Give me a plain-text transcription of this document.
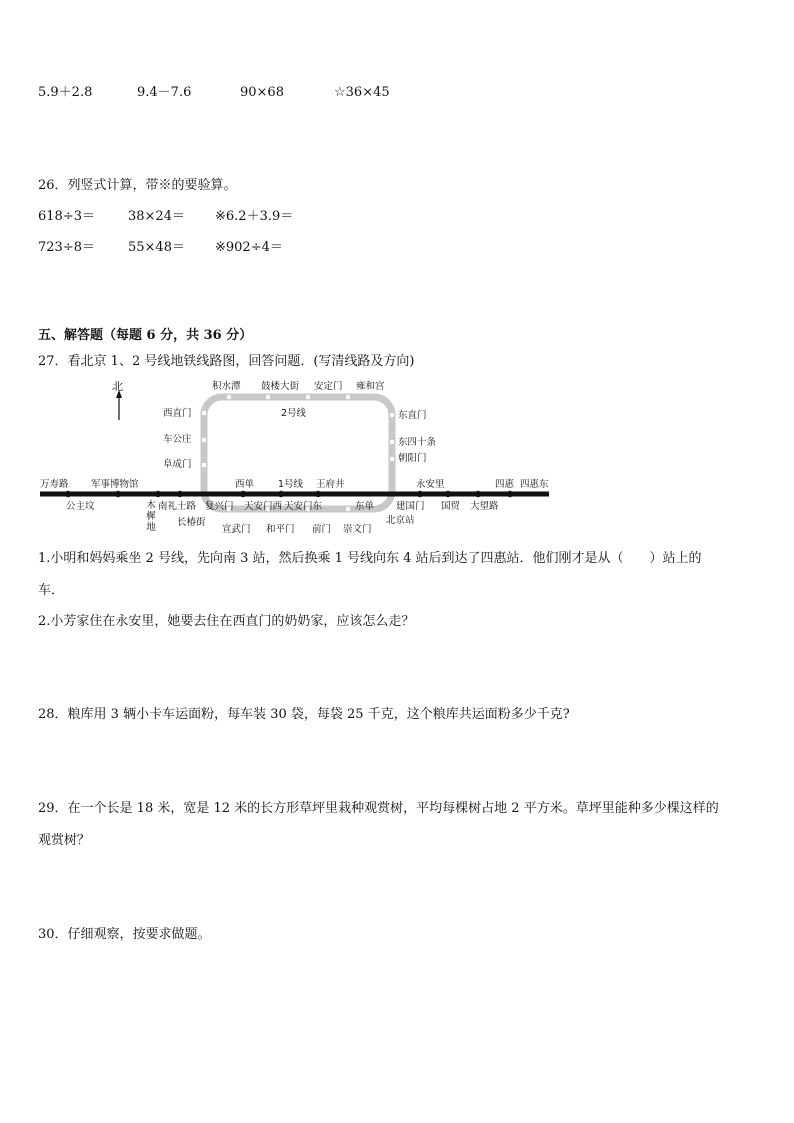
5.9＋2.8	9.4－7.6	90×68	☆36×45
26．列竖式计算，带※的要验算。
618÷3＝	38×24＝ ※6.2＋3.9＝
723÷8＝	55×48＝ ※902÷4＝
五、解答题（每题 6 分，共 36 分）
27．看北京 1、2 号线地铁线路图，回答问题．(写清线路及方向)
北
2号线
1号线
积水潭 鼓楼大街 安定门 雍和宫
西直门
车公庄
阜成门
东直门
东四十条
朝阳门
万寿路 军事博物馆	西单	王府井	永安里	四惠 四惠东
公主坟	木樨地
南礼士路 复兴门 天安门西 天安门东	东单 建国门 国贸 大望路
长椿街
宣武门 和平门 前门 崇文门
北京站
1.小明和妈妈乘坐 2 号线，先向南 3 站，然后换乘 1 号线向东 4 站后到达了四惠站．他们刚才是从（　　）站上的
车．
2.小芳家住在永安里，她要去住在西直门的奶奶家，应该怎么走？
28．粮库用 3 辆小卡车运面粉，每车装 30 袋，每袋 25 千克，这个粮库共运面粉多少千克?
29．在一个长是 18 米，宽是 12 米的长方形草坪里栽种观赏树，平均每棵树占地 2 平方米。草坪里能种多少棵这样的
观赏树？
30．仔细观察，按要求做题。
